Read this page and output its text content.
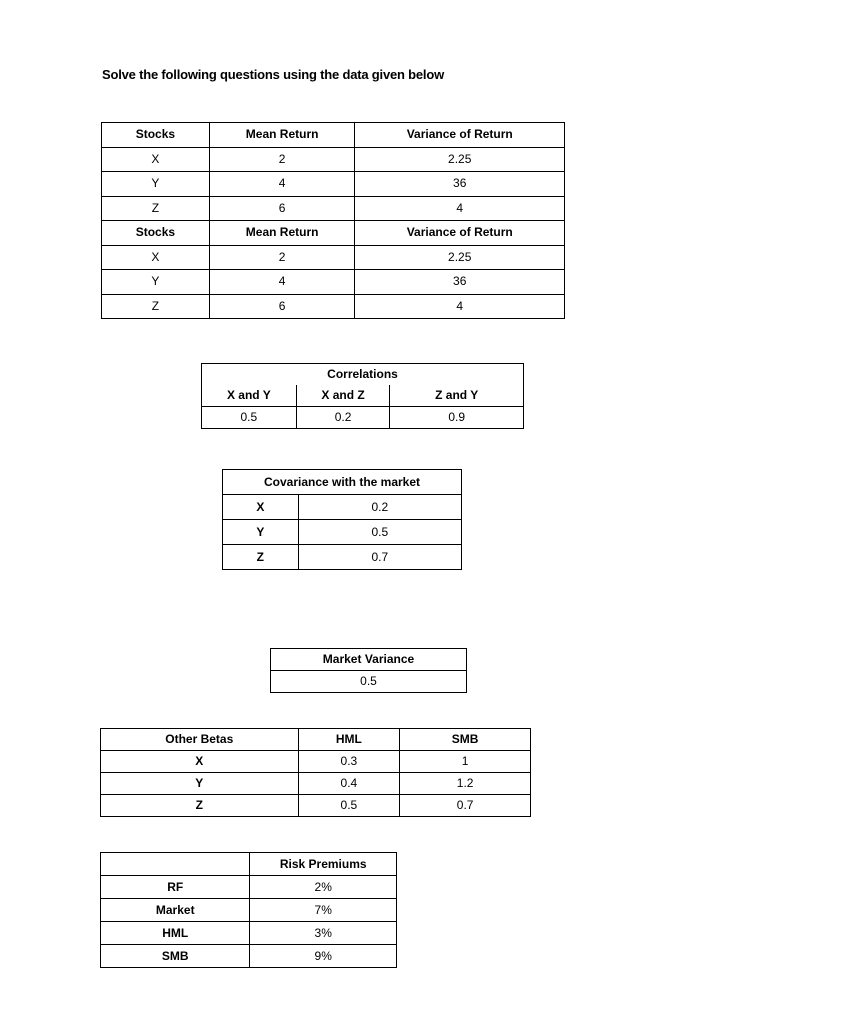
Solve the following questions using the data given below
Stocks	Mean Return	Variance of Return
X	2	2.25
Y	4	36
Z	6	4
Stocks	Mean Return	Variance of Return
X	2	2.25
Y	4	36
Z	6	4
Correlations		
X and Y	X and Z	Z and Y
0.5	0.2	0.9
Covariance with the market	
X	0.2
Y	0.5
Z	0.7
Market Variance
0.5
Other Betas	HML	SMB
X	0.3	1
Y	0.4	1.2
Z	0.5	0.7
	Risk Premiums
RF	2%
Market	7%
HML	3%
SMB	9%
